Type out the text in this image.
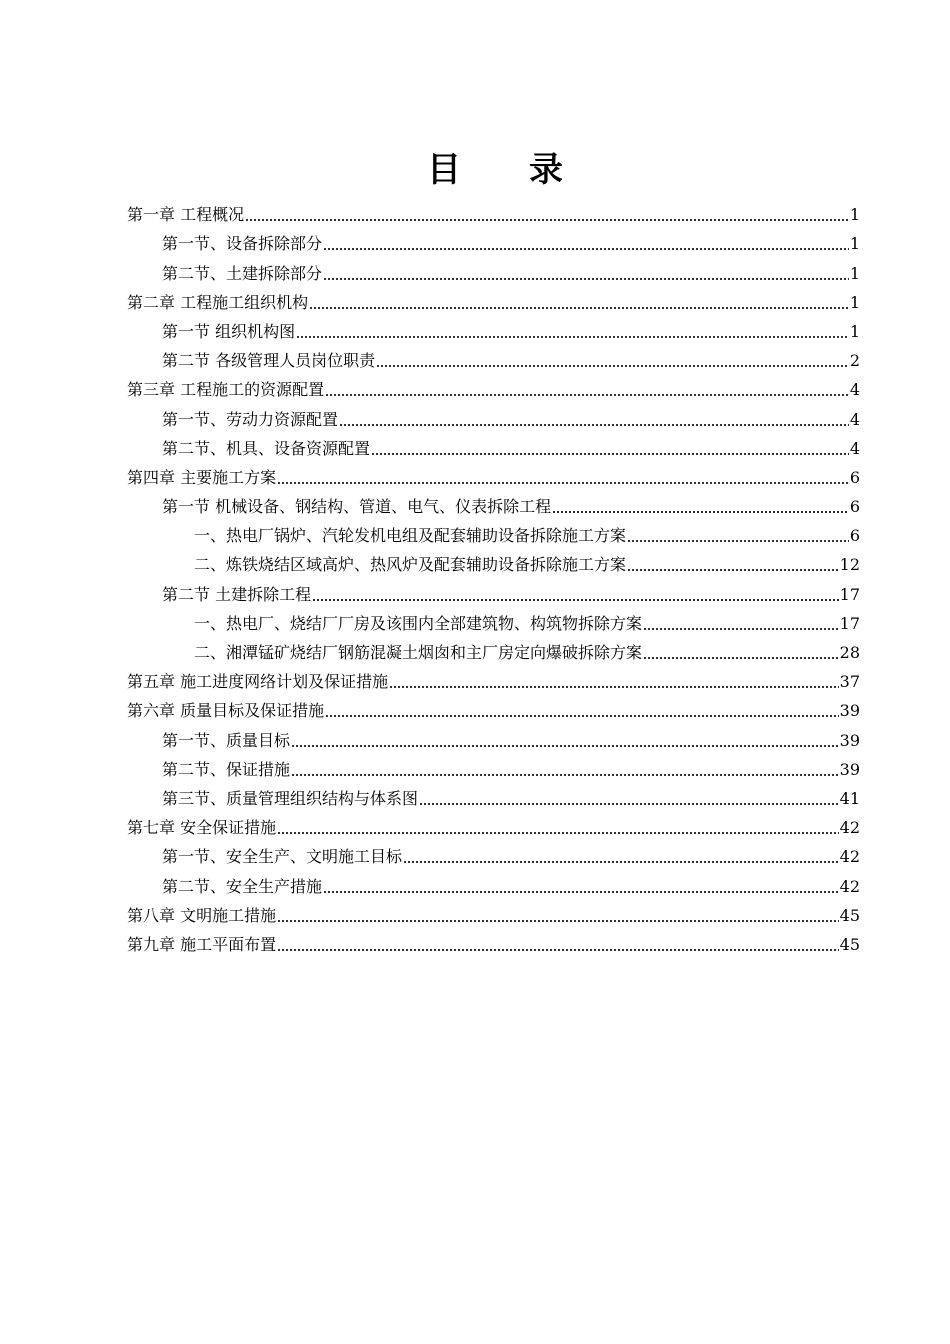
目 录
第一章 工程概况	1
第一节、设备拆除部分	1
第二节、土建拆除部分	1
第二章 工程施工组织机构	1
第一节 组织机构图	1
第二节 各级管理人员岗位职责	2
第三章 工程施工的资源配置	4
第一节、劳动力资源配置	4
第二节、机具、设备资源配置	4
第四章 主要施工方案	6
第一节 机械设备、钢结构、管道、电气、仪表拆除工程	6
一、热电厂锅炉、汽轮发机电组及配套辅助设备拆除施工方案	6
二、炼铁烧结区域高炉、热风炉及配套辅助设备拆除施工方案	12
第二节 土建拆除工程	17
一、热电厂、烧结厂厂房及该围内全部建筑物、构筑物拆除方案	17
二、湘潭锰矿烧结厂钢筋混凝土烟囱和主厂房定向爆破拆除方案	28
第五章 施工进度网络计划及保证措施	37
第六章 质量目标及保证措施	39
第一节、质量目标	39
第二节、保证措施	39
第三节、质量管理组织结构与体系图	41
第七章 安全保证措施	42
第一节、安全生产、文明施工目标	42
第二节、安全生产措施	42
第八章 文明施工措施	45
第九章 施工平面布置	45
